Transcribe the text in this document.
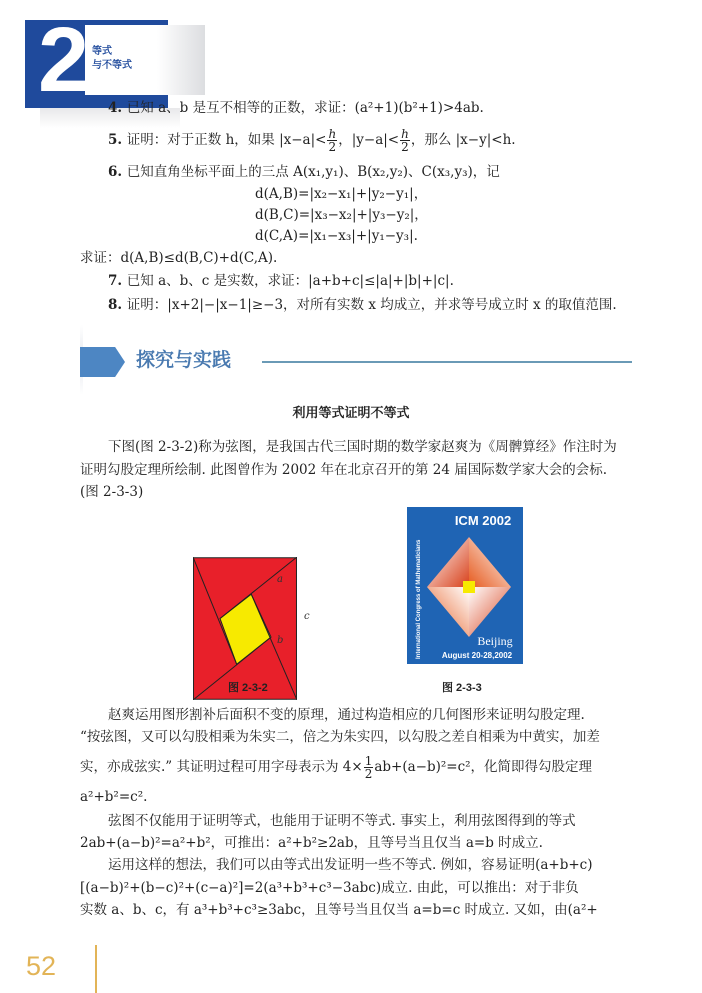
2 等式
与不等式
4. 已知 a、b 是互不相等的正数，求证：(a²+1)(b²+1)>4ab.
5. 证明：对于正数 h，如果 $|x-a|< \frac{h}{2}$ ，$|y-a|< \frac{h}{2}$ ，那么 |x−y|<h.
6. 已知直角坐标平面上的三点 A(x₁,y₁)、B(x₂,y₂)、C(x₃,y₃)，记
d(A,B)=|x₂−x₁|+|y₂−y₁|，
d(B,C)=|x₃−x₂|+|y₃−y₂|，
d(C,A)=|x₁−x₃|+|y₁−y₃|.
求证：d(A,B)≤d(B,C)+d(C,A).
7. 已知 a、b、c 是实数，求证：|a+b+c|≤|a|+|b|+|c|.
8. 证明：|x+2|−|x−1|≥−3，对所有实数 x 均成立，并求等号成立时 x 的取值范围.
探究与实践
利用等式证明不等式
下图(图 2-3-2)称为弦图，是我国古代三国时期的数学家赵爽为《周髀算经》作注时为
证明勾股定理所绘制. 此图曾作为 2002 年在北京召开的第 24 届国际数学家大会的会标.
(图 2-3-3)
a
b
c
图 2-3-2
ICM 2002
International Congress of Mathematicians	Beijing
August 20-28,2002
图 2-3-3
赵爽运用图形割补后面积不变的原理，通过构造相应的几何图形来证明勾股定理.
“按弦图，又可以勾股相乘为朱实二，倍之为朱实四，以勾股之差自相乘为中黄实，加差
实，亦成弦实.” 其证明过程可用字母表示为 $4\times \frac{1}{2} ab+(a-b)^2=c^2$，化简即得勾股定理
a²+b²=c².
弦图不仅能用于证明等式，也能用于证明不等式. 事实上，利用弦图得到的等式
2ab+(a−b)²=a²+b²，可推出：a²+b²≥2ab，且等号当且仅当 a=b 时成立.
运用这样的想法，我们可以由等式出发证明一些不等式. 例如，容易证明(a+b+c)
[(a−b)²+(b−c)²+(c−a)²]=2(a³+b³+c³−3abc)成立. 由此，可以推出：对于非负
实数 a、b、c，有 a³+b³+c³≥3abc，且等号当且仅当 a=b=c 时成立. 又如，由(a²+
52
